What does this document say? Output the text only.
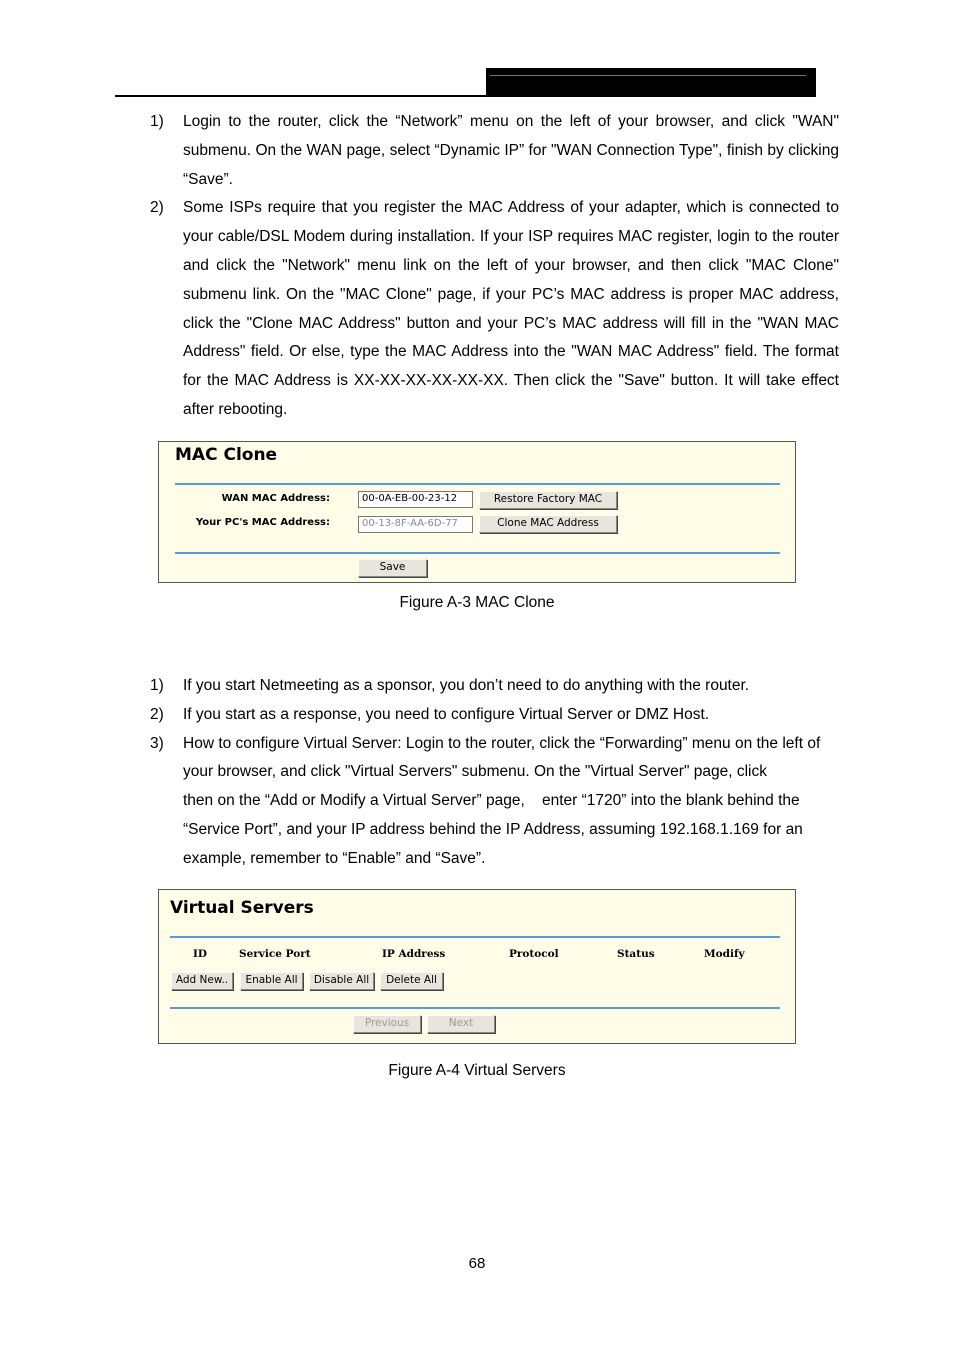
1)	Login to the router, click the “Network” menu on the left of your browser, and click "WAN" submenu. On the WAN page, select “Dynamic IP” for "WAN Connection Type", finish by clicking “Save”.
2)	Some ISPs require that you register the MAC Address of your adapter, which is connected to your cable/DSL Modem during installation. If your ISP requires MAC register, login to the router and click the "Network" menu link on the left of your browser, and then click "MAC Clone" submenu link. On the "MAC Clone" page, if your PC’s MAC address is proper MAC address, click the "Clone MAC Address" button and your PC’s MAC address will fill in the "WAN MAC Address" field. Or else, type the MAC Address into the "WAN MAC Address" field. The format for the MAC Address is XX-XX-XX-XX-XX-XX. Then click the "Save" button. It will take effect after rebooting.
MAC Clone
WAN MAC Address:	00-0A-EB-00-23-12	Restore Factory MAC
Your PC's MAC Address:	00-13-8F-AA-6D-77	Clone MAC Address
Save
Figure A-3 MAC Clone
1)	If you start Netmeeting as a sponsor, you don’t need to do anything with the router.
2)	If you start as a response, you need to configure Virtual Server or DMZ Host.
3)	How to configure Virtual Server: Login to the router, click the “Forwarding” menu on the left of your browser, and click "Virtual Servers" submenu. On the "Virtual Server" page, click                 then on the “Add or Modify a Virtual Server” page,    enter “1720” into the blank behind the “Service Port”, and your IP address behind the IP Address, assuming 192.168.1.169 for an example, remember to “Enable” and “Save”.
Virtual Servers
ID	Service Port	IP Address	Protocol	Status	Modify
Add New..	Enable All	Disable All	Delete All
Previous	Next
Figure A-4 Virtual Servers
68
